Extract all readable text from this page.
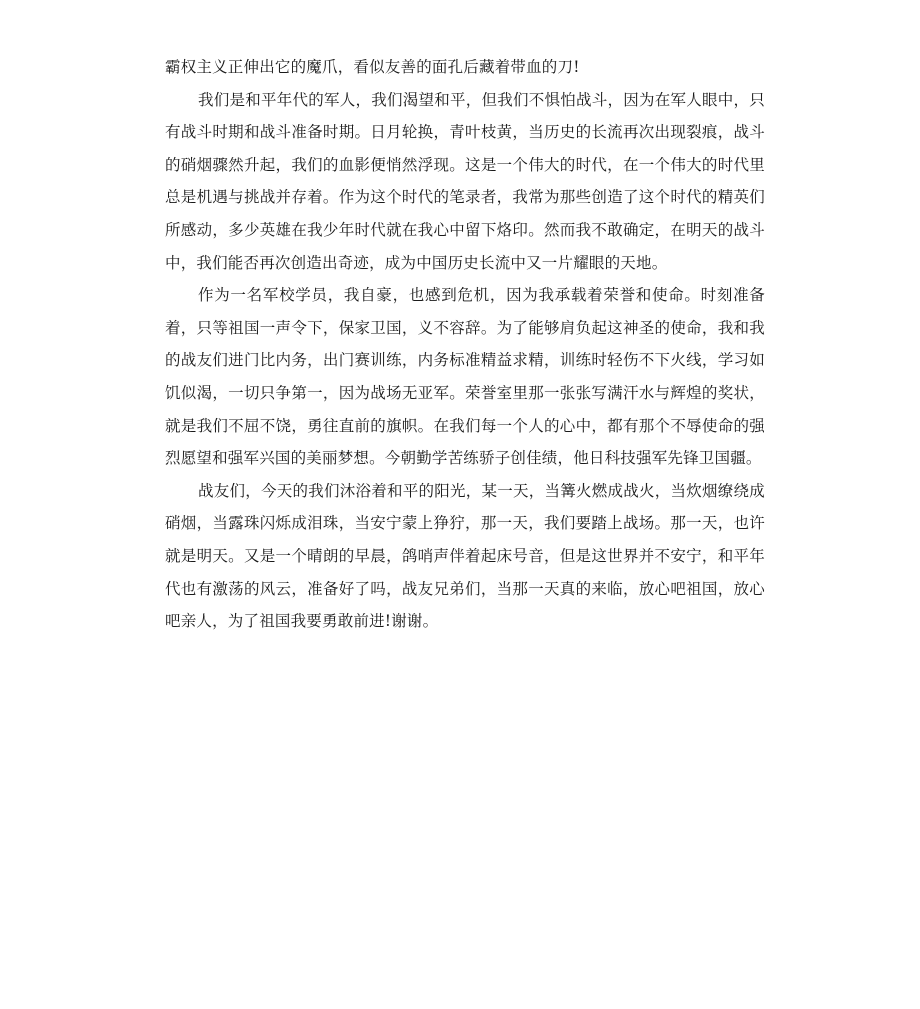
霸权主义正伸出它的魔爪，看似友善的面孔后藏着带血的刀!

我们是和平年代的军人，我们渴望和平，但我们不惧怕战斗，因为在军人眼中，只有战斗时期和战斗准备时期。日月轮换，青叶枝黄，当历史的长流再次出现裂痕，战斗的硝烟骤然升起，我们的血影便悄然浮现。这是一个伟大的时代，在一个伟大的时代里总是机遇与挑战并存着。作为这个时代的笔录者，我常为那些创造了这个时代的精英们所感动，多少英雄在我少年时代就在我心中留下烙印。然而我不敢确定，在明天的战斗中，我们能否再次创造出奇迹，成为中国历史长流中又一片耀眼的天地。

作为一名军校学员，我自豪，也感到危机，因为我承载着荣誉和使命。时刻准备着，只等祖国一声令下，保家卫国，义不容辞。为了能够肩负起这神圣的使命，我和我的战友们进门比内务，出门赛训练，内务标准精益求精，训练时轻伤不下火线，学习如饥似渴，一切只争第一，因为战场无亚军。荣誉室里那一张张写满汗水与辉煌的奖状，就是我们不屈不饶，勇往直前的旗帜。在我们每一个人的心中，都有那个不辱使命的强烈愿望和强军兴国的美丽梦想。今朝勤学苦练骄子创佳绩，他日科技强军先锋卫国疆。

战友们，今天的我们沐浴着和平的阳光，某一天，当篝火燃成战火，当炊烟缭绕成硝烟，当露珠闪烁成泪珠，当安宁蒙上狰狞，那一天，我们要踏上战场。那一天，也许就是明天。又是一个晴朗的早晨，鸽哨声伴着起床号音，但是这世界并不安宁，和平年代也有激荡的风云，准备好了吗，战友兄弟们，当那一天真的来临，放心吧祖国，放心吧亲人，为了祖国我要勇敢前进!谢谢。
